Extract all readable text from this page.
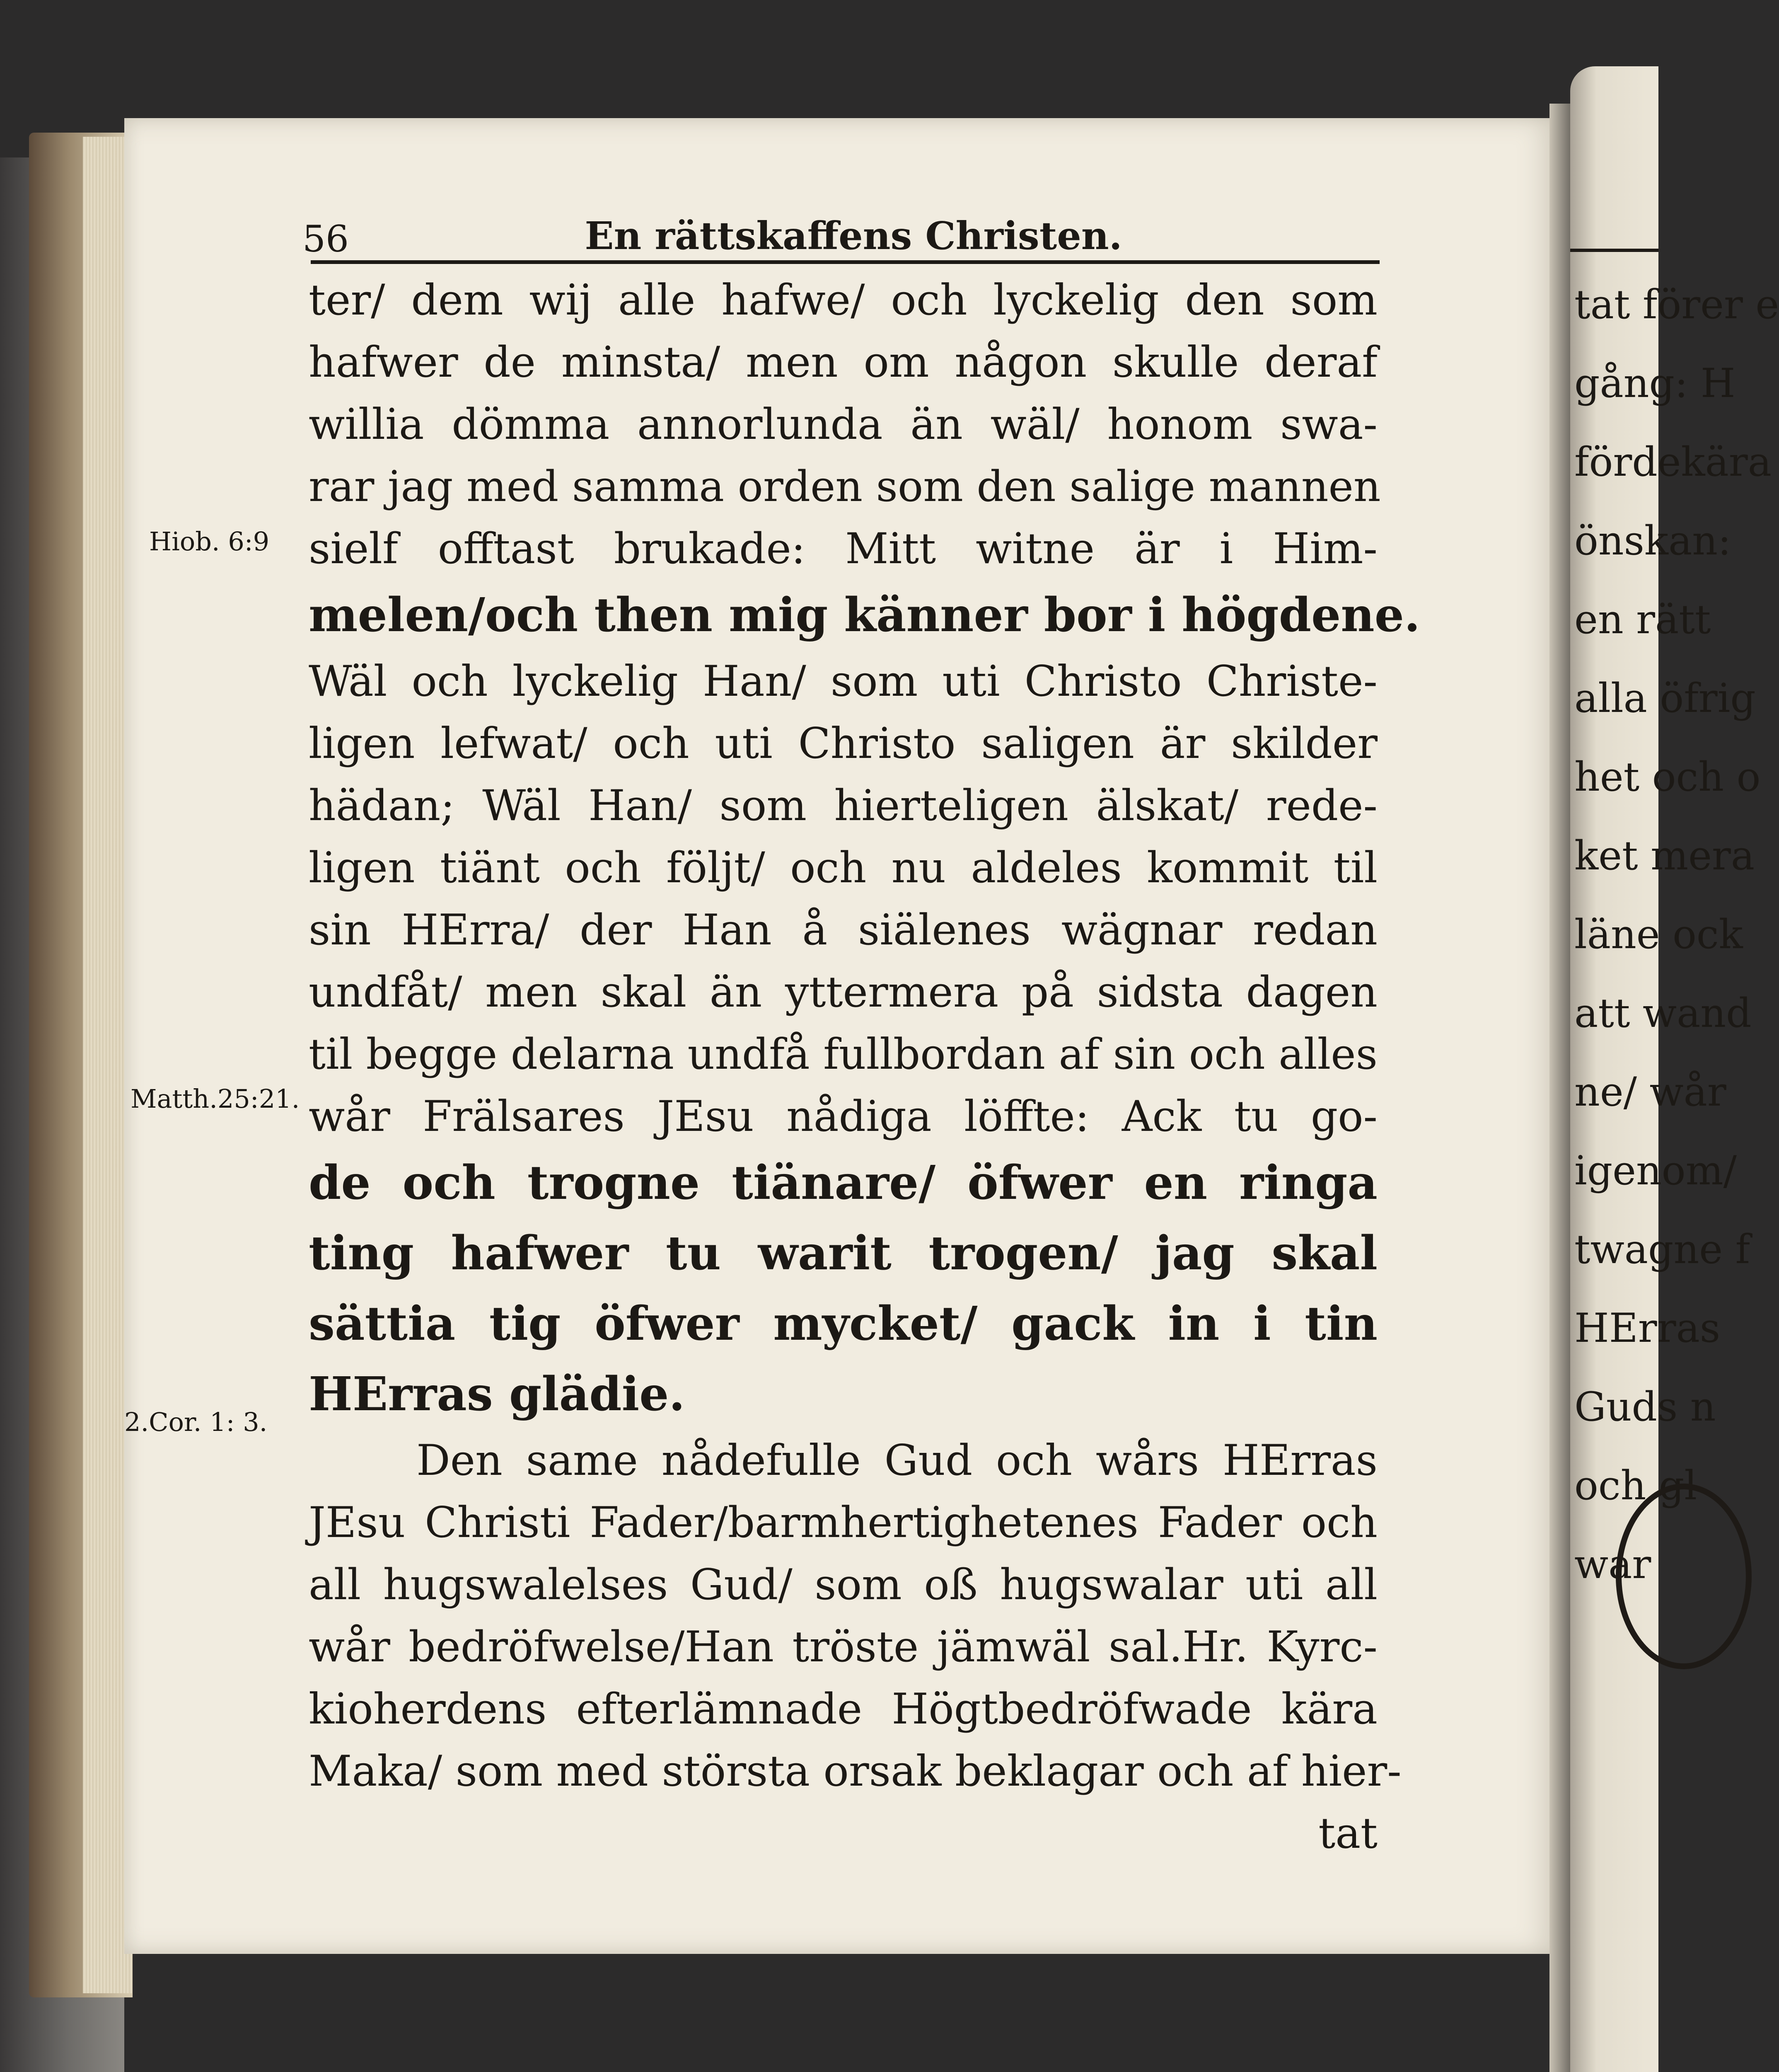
tat förer e
gång: H
fördekära
önskan:
en rätt
alla öfrig
het och o
ket mera
läne ock
att wand
ne/ wår
igenom/
twagne f
HErras
Guds n
och gl
war
56	En rättskaffens Christen.
Hiob. 6:9
Matth.25:21.
2.Cor. 1: 3.
ter/ dem wij alle hafwe/ och lyckelig den som
hafwer de minsta/ men om någon skulle deraf
willia dömma annorlunda än wäl/ honom swa-
rar jag med samma orden som den salige mannen
sielf offtast brukade: Mitt witne är i Him-
melen/och then mig känner bor i högdene.
Wäl och lyckelig Han/ som uti Christo Christe-
ligen lefwat/ och uti Christo saligen är skilder
hädan; Wäl Han/ som hierteligen älskat/ rede-
ligen tiänt och följt/ och nu aldeles kommit til
sin HErra/ der Han å siälenes wägnar redan
undfåt/ men skal än yttermera på sidsta dagen
til begge delarna undfå fullbordan af sin och alles
wår Frälsares JEsu nådiga löffte: Ack tu go-
de och trogne tiänare/ öfwer en ringa
ting hafwer tu warit trogen/ jag skal
sättia tig öfwer mycket/ gack in i tin
HErras glädie.
Den same nådefulle Gud och wårs HErras
JEsu Christi Fader/barmhertighetenes Fader och
all hugswalelses Gud/ som oß hugswalar uti all
wår bedröfwelse/Han tröste jämwäl sal.Hr. Kyrc-
kioherdens efterlämnade Högtbedröfwade kära
Maka/ som med största orsak beklagar och af hier-
tat
